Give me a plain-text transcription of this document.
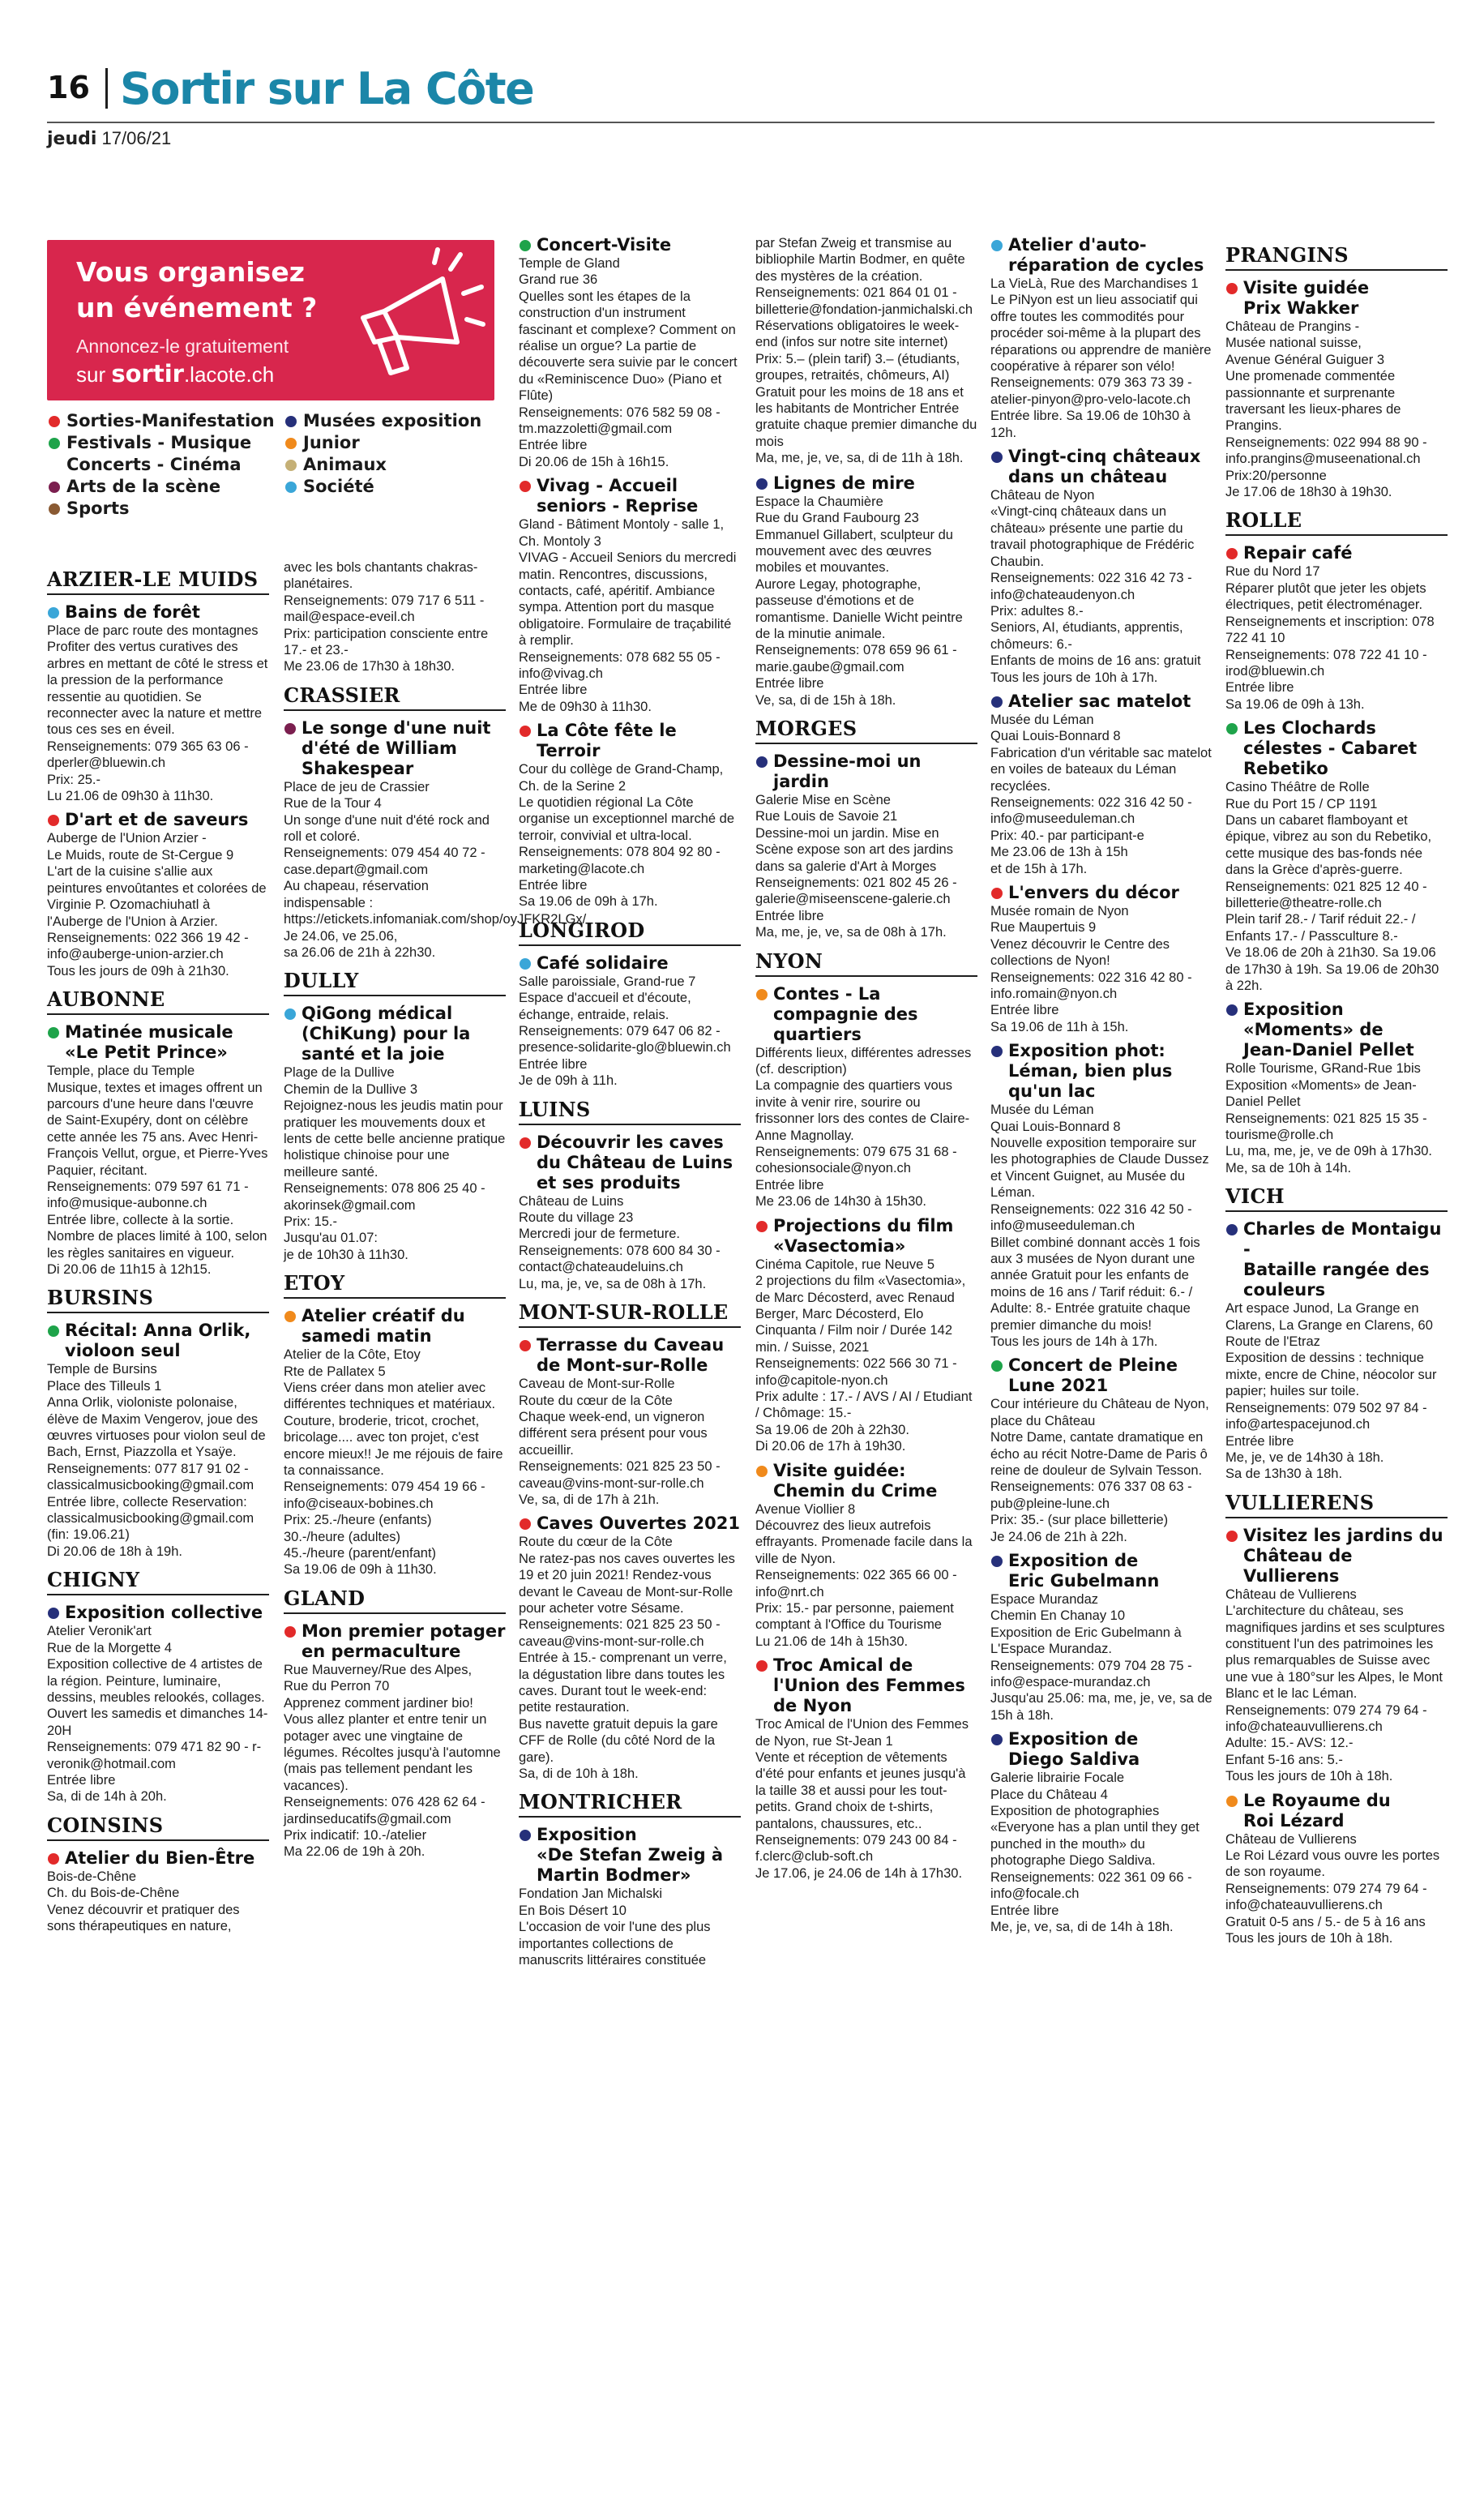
16 Sortir sur La Côte
jeudi 17/06/21
Vous organisez
un événement ?
Annoncez-le gratuitement
sur sortir.lacote.ch
Sorties-Manifestation
Festivals - Musique
Concerts - Cinéma
Arts de la scène
Sports
Musées exposition
Junior
Animaux
Société
ARZIER-LE MUIDS
Bains de forêt
Place de parc route des montagnes
Profiter des vertus curatives des arbres en mettant de côté le stress et la pression de la performance ressentie au quotidien. Se reconnecter avec la nature et mettre tous ces ses en éveil.
Renseignements: 079 365 63 06 - dperler@bluewin.ch
Prix: 25.-
Lu 21.06 de 09h30 à 11h30.
D'art et de saveurs
Auberge de l'Union Arzier -
Le Muids, route de St-Cergue 9
L'art de la cuisine s'allie aux peintures envoûtantes et colorées de Virginie P. Ozomachiuhatl à l'Auberge de l'Union à Arzier.
Renseignements: 022 366 19 42 - info@auberge-union-arzier.ch
Tous les jours de 09h à 21h30.
AUBONNE
Matinée musicale
«Le Petit Prince»
Temple, place du Temple
Musique, textes et images offrent un parcours d'une heure dans l'œuvre de Saint-Exupéry, dont on célèbre cette année les 75 ans. Avec Henri-François Vellut, orgue, et Pierre-Yves Paquier, récitant.
Renseignements: 079 597 61 71 - info@musique-aubonne.ch
Entrée libre, collecte à la sortie. Nombre de places limité à 100, selon les règles sanitaires en vigueur.
Di 20.06 de 11h15 à 12h15.
BURSINS
Récital: Anna Orlik,
violoon seul
Temple de Bursins
Place des Tilleuls 1
Anna Orlik, violoniste polonaise, élève de Maxim Vengerov, joue des œuvres virtuoses pour violon seul de Bach, Ernst, Piazzolla et Ysaÿe.
Renseignements: 077 817 91 02 - classicalmusicbooking@gmail.com
Entrée libre, collecte Reservation: classicalmusicbooking@gmail.com (fin: 19.06.21)
Di 20.06 de 18h à 19h.
CHIGNY
Exposition collective
Atelier Veronik'art
Rue de la Morgette 4
Exposition collective de 4 artistes de la région. Peinture, luminaire, dessins, meubles relookés, collages. Ouvert les samedis et dimanches 14-20H
Renseignements: 079 471 82 90 - r-veronik@hotmail.com
Entrée libre
Sa, di de 14h à 20h.
COINSINS
Atelier du Bien-Être
Bois-de-Chêne
Ch. du Bois-de-Chêne
Venez découvrir et pratiquer des sons thérapeutiques en nature,
avec les bols chantants chakras-planétaires.
Renseignements: 079 717 6 511 - mail@espace-eveil.ch
Prix: participation consciente entre 17.- et 23.-
Me 23.06 de 17h30 à 18h30.
CRASSIER
Le songe d'une nuit
d'été de William
Shakespear
Place de jeu de Crassier
Rue de la Tour 4
Un songe d'une nuit d'été rock and roll et coloré.
Renseignements: 079 454 40 72 - case.depart@gmail.com
Au chapeau, réservation indispensable :
https://etickets.infomaniak.com/shop/oyJFKR2LGx/
Je 24.06, ve 25.06,
sa 26.06 de 21h à 22h30.
DULLY
QiGong médical
(ChiKung) pour la
santé et la joie
Plage de la Dullive
Chemin de la Dullive 3
Rejoignez-nous les jeudis matin pour pratiquer les mouvements doux et lents de cette belle ancienne pratique holistique chinoise pour une meilleure santé.
Renseignements: 078 806 25 40 - akorinsek@gmail.com
Prix: 15.-
Jusqu'au 01.07:
je de 10h30 à 11h30.
ETOY
Atelier créatif du
samedi matin
Atelier de la Côte, Etoy
Rte de Pallatex 5
Viens créer dans mon atelier avec différentes techniques et matériaux. Couture, broderie, tricot, crochet, bricolage.... avec ton projet, c'est encore mieux!! Je me réjouis de faire ta connaissance.
Renseignements: 079 454 19 66 - info@ciseaux-bobines.ch
Prix: 25.-/heure (enfants)
30.-/heure (adultes)
45.-/heure (parent/enfant)
Sa 19.06 de 09h à 11h30.
GLAND
Mon premier potager
en permaculture
Rue Mauverney/Rue des Alpes,
Rue du Perron 70
Apprenez comment jardiner bio! Vous allez planter et entre tenir un potager avec une vingtaine de légumes. Récoltes jusqu'à l'automne (mais pas tellement pendant les vacances).
Renseignements: 076 428 62 64 - jardinseducatifs@gmail.com
Prix indicatif: 10.-/atelier
Ma 22.06 de 19h à 20h.
Concert-Visite
Temple de Gland
Grand rue 36
Quelles sont les étapes de la construction d'un instrument fascinant et complexe? Comment on réalise un orgue? La partie de découverte sera suivie par le concert du «Reminiscence Duo» (Piano et Flûte)
Renseignements: 076 582 59 08 - tm.mazzoletti@gmail.com
Entrée libre
Di 20.06 de 15h à 16h15.
Vivag - Accueil
seniors - Reprise
Gland - Bâtiment Montoly - salle 1, Ch. Montoly 3
VIVAG - Accueil Seniors du mercredi matin. Rencontres, discussions, contacts, café, apéritif. Ambiance sympa. Attention port du masque obligatoire. Formulaire de traçabilité à remplir.
Renseignements: 078 682 55 05 - info@vivag.ch
Entrée libre
Me de 09h30 à 11h30.
La Côte fête le Terroir
Cour du collège de Grand-Champ, Ch. de la Serine 2
Le quotidien régional La Côte organise un exceptionnel marché de terroir, convivial et ultra-local.
Renseignements: 078 804 92 80 - marketing@lacote.ch
Entrée libre
Sa 19.06 de 09h à 17h.
LONGIROD
Café solidaire
Salle paroissiale, Grand-rue 7
Espace d'accueil et d'écoute, échange, entraide, relais.
Renseignements: 079 647 06 82 - presence-solidarite-glo@bluewin.ch
Entrée libre
Je de 09h à 11h.
LUINS
Découvrir les caves
du Château de Luins
et ses produits
Château de Luins
Route du village 23
Mercredi jour de fermeture.
Renseignements: 078 600 84 30 - contact@chateaudeluins.ch
Lu, ma, je, ve, sa de 08h à 17h.
MONT-SUR-ROLLE
Terrasse du Caveau
de Mont-sur-Rolle
Caveau de Mont-sur-Rolle
Route du cœur de la Côte
Chaque week-end, un vigneron différent sera présent pour vous accueillir.
Renseignements: 021 825 23 50 - caveau@vins-mont-sur-rolle.ch
Ve, sa, di de 17h à 21h.
Caves Ouvertes 2021
Route du cœur de la Côte
Ne ratez-pas nos caves ouvertes les 19 et 20 juin 2021! Rendez-vous devant le Caveau de Mont-sur-Rolle pour acheter votre Sésame. Renseignements: 021 825 23 50 - caveau@vins-mont-sur-rolle.ch
Entrée à 15.- comprenant un verre, la dégustation libre dans toutes les caves. Durant tout le week-end: petite restauration.
Bus navette gratuit depuis la gare CFF de Rolle (du côté Nord de la gare).
Sa, di de 10h à 18h.
MONTRICHER
Exposition
«De Stefan Zweig à
Martin Bodmer»
Fondation Jan Michalski
En Bois Désert 10
L'occasion de voir l'une des plus importantes collections de manuscrits littéraires constituée
par Stefan Zweig et transmise au bibliophile Martin Bodmer, en quête des mystères de la création.
Renseignements: 021 864 01 01 - billetterie@fondation-janmichalski.ch
Réservations obligatoires le week-end (infos sur notre site internet)
Prix: 5.– (plein tarif) 3.– (étudiants, groupes, retraités, chômeurs, AI) Gratuit pour les moins de 18 ans et les habitants de Montricher Entrée gratuite chaque premier dimanche du mois
Ma, me, je, ve, sa, di de 11h à 18h.
Lignes de mire
Espace la Chaumière
Rue du Grand Faubourg 23
Emmanuel Gillabert, sculpteur du mouvement avec des œuvres mobiles et mouvantes.
Aurore Legay, photographe, passeuse d'émotions et de romantisme. Danielle Wicht peintre de la minutie animale.
Renseignements: 078 659 96 61 - marie.gaube@gmail.com
Entrée libre
Ve, sa, di de 15h à 18h.
MORGES
Dessine-moi un jardin
Galerie Mise en Scène
Rue Louis de Savoie 21
Dessine-moi un jardin. Mise en Scène expose son art des jardins dans sa galerie d'Art à Morges
Renseignements: 021 802 45 26 - galerie@miseenscene-galerie.ch
Entrée libre
Ma, me, je, ve, sa de 08h à 17h.
NYON
Contes - La
compagnie des
quartiers
Différents lieux, différentes adresses (cf. description)
La compagnie des quartiers vous invite à venir rire, sourire ou frissonner lors des contes de Claire-Anne Magnollay.
Renseignements: 079 675 31 68 - cohesionsociale@nyon.ch
Entrée libre
Me 23.06 de 14h30 à 15h30.
Projections du film
«Vasectomia»
Cinéma Capitole, rue Neuve 5
2 projections du film «Vasectomia», de Marc Décosterd, avec Renaud Berger, Marc Décosterd, Elo Cinquanta / Film noir / Durée 142 min. / Suisse, 2021
Renseignements: 022 566 30 71 - info@capitole-nyon.ch
Prix adulte : 17.- / AVS / AI / Etudiant / Chômage: 15.-
Sa 19.06 de 20h à 22h30.
Di 20.06 de 17h à 19h30.
Visite guidée:
Chemin du Crime
Avenue Viollier 8
Découvrez des lieux autrefois effrayants. Promenade facile dans la ville de Nyon.
Renseignements: 022 365 66 00 - info@nrt.ch
Prix: 15.- par personne, paiement comptant à l'Office du Tourisme
Lu 21.06 de 14h à 15h30.
Troc Amical de
l'Union des Femmes
de Nyon
Troc Amical de l'Union des Femmes de Nyon, rue St-Jean 1
Vente et réception de vêtements d'été pour enfants et jeunes jusqu'à la taille 38 et aussi pour les tout-petits. Grand choix de t-shirts, pantalons, chaussures, etc..
Renseignements: 079 243 00 84 - f.clerc@club-soft.ch
Je 17.06, je 24.06 de 14h à 17h30.
Atelier d'auto-
réparation de cycles
La VieLà, Rue des Marchandises 1
Le PiNyon est un lieu associatif qui offre toutes les commodités pour procéder soi-même à la plupart des réparations ou apprendre de manière coopérative à réparer son vélo!
Renseignements: 079 363 73 39 - atelier-pinyon@pro-velo-lacote.ch
Entrée libre. Sa 19.06 de 10h30 à 12h.
Vingt-cinq châteaux
dans un château
Château de Nyon
«Vingt-cinq châteaux dans un château» présente une partie du travail photographique de Frédéric Chaubin.
Renseignements: 022 316 42 73 - info@chateaudenyon.ch
Prix: adultes 8.-
Seniors, AI, étudiants, apprentis, chômeurs: 6.-
Enfants de moins de 16 ans: gratuit
Tous les jours de 10h à 17h.
Atelier sac matelot
Musée du Léman
Quai Louis-Bonnard 8
Fabrication d'un véritable sac matelot en voiles de bateaux du Léman recyclées.
Renseignements: 022 316 42 50 - info@museeduleman.ch
Prix: 40.- par participant-e
Me 23.06 de 13h à 15h
et de 15h à 17h.
L'envers du décor
Musée romain de Nyon
Rue Maupertuis 9
Venez découvrir le Centre des collections de Nyon!
Renseignements: 022 316 42 80 - info.romain@nyon.ch
Entrée libre
Sa 19.06 de 11h à 15h.
Exposition phot:
Léman, bien plus
qu'un lac
Musée du Léman
Quai Louis-Bonnard 8
Nouvelle exposition temporaire sur les photographies de Claude Dussez et Vincent Guignet, au Musée du Léman.
Renseignements: 022 316 42 50 - info@museeduleman.ch
Billet combiné donnant accès 1 fois aux 3 musées de Nyon durant une année Gratuit pour les enfants de moins de 16 ans / Tarif réduit: 6.- / Adulte: 8.- Entrée gratuite chaque premier dimanche du mois!
Tous les jours de 14h à 17h.
Concert de Pleine
Lune 2021
Cour intérieure du Château de Nyon, place du Château
Notre Dame, cantate dramatique en écho au récit Notre-Dame de Paris ô reine de douleur de Sylvain Tesson.
Renseignements: 076 337 08 63 - pub@pleine-lune.ch
Prix: 35.- (sur place billetterie)
Je 24.06 de 21h à 22h.
Exposition de
Eric Gubelmann
Espace Murandaz
Chemin En Chanay 10
Exposition de Eric Gubelmann à L'Espace Murandaz.
Renseignements: 079 704 28 75 - info@espace-murandaz.ch
Jusqu'au 25.06: ma, me, je, ve, sa de 15h à 18h.
Exposition de
Diego Saldiva
Galerie librairie Focale
Place du Château 4
Exposition de photographies «Everyone has a plan until they get punched in the mouth» du photographe Diego Saldiva.
Renseignements: 022 361 09 66 - info@focale.ch
Entrée libre
Me, je, ve, sa, di de 14h à 18h.
PRANGINS
Visite guidée
Prix Wakker
Château de Prangins -
Musée national suisse,
Avenue Général Guiguer 3
Une promenade commentée passionnante et surprenante traversant les lieux-phares de Prangins.
Renseignements: 022 994 88 90 - info.prangins@museenational.ch
Prix:20/personne
Je 17.06 de 18h30 à 19h30.
ROLLE
Repair café
Rue du Nord 17
Réparer plutôt que jeter les objets électriques, petit électroménager.
Renseignements et inscription: 078 722 41 10
Renseignements: 078 722 41 10 - irod@bluewin.ch
Entrée libre
Sa 19.06 de 09h à 13h.
Les Clochards
célestes - Cabaret
Rebetiko
Casino Théâtre de Rolle
Rue du Port 15 / CP 1191
Dans un cabaret flamboyant et épique, vibrez au son du Rebetiko, cette musique des bas-fonds née dans la Grèce d'après-guerre.
Renseignements: 021 825 12 40 - billetterie@theatre-rolle.ch
Plein tarif 28.- / Tarif réduit 22.- / Enfants 17.- / Passculture 8.-
Ve 18.06 de 20h à 21h30. Sa 19.06 de 17h30 à 19h. Sa 19.06 de 20h30 à 22h.
Exposition
«Moments» de
Jean-Daniel Pellet
Rolle Tourisme, GRand-Rue 1bis
Exposition «Moments» de Jean-Daniel Pellet
Renseignements: 021 825 15 35 - tourisme@rolle.ch
Lu, ma, me, je, ve de 09h à 17h30.
Me, sa de 10h à 14h.
VICH
Charles de Montaigu -
Bataille rangée des
couleurs
Art espace Junod, La Grange en Clarens, La Grange en Clarens, 60 Route de l'Etraz
Exposition de dessins : technique mixte, encre de Chine, néocolor sur papier; huiles sur toile.
Renseignements: 079 502 97 84 - info@artespacejunod.ch
Entrée libre
Me, je, ve de 14h30 à 18h.
Sa de 13h30 à 18h.
VULLIERENS
Visitez les jardins du
Château de Vullierens
Château de Vullierens
L'architecture du château, ses magnifiques jardins et ses sculptures constituent l'un des patrimoines les plus remarquables de Suisse avec une vue à 180°sur les Alpes, le Mont Blanc et le lac Léman.
Renseignements: 079 274 79 64 - info@chateauvullierens.ch
Adulte: 15.- AVS: 12.-
Enfant 5-16 ans: 5.-
Tous les jours de 10h à 18h.
Le Royaume du
Roi Lézard
Château de Vullierens
Le Roi Lézard vous ouvre les portes de son royaume.
Renseignements: 079 274 79 64 - info@chateauvullierens.ch
Gratuit 0-5 ans / 5.- de 5 à 16 ans
Tous les jours de 10h à 18h.
